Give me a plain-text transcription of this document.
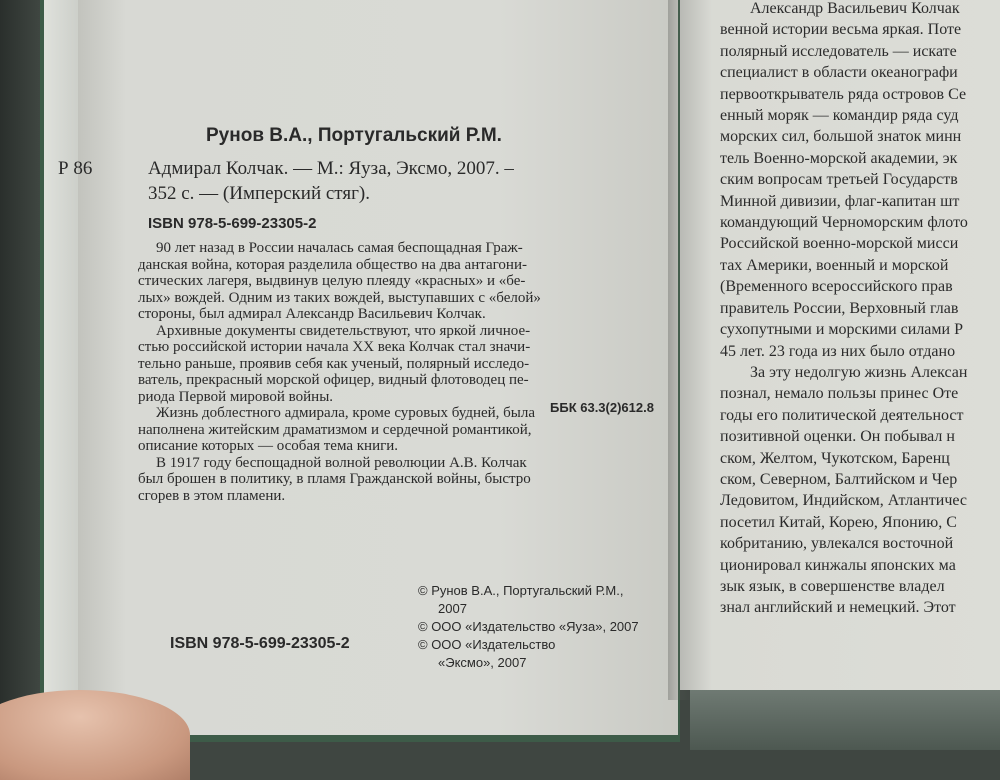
Рунов В.А., Португальский Р.М.
Р 86	Адмирал Колчак. — М.: Яуза, Эксмо, 2007. –
352 с. — (Имперский стяг).
ISBN 978-5-699-23305-2

90 лет назад в России началась самая беспощадная Граж-

данская война, которая разделила общество на два антагони-

стических лагеря, выдвинув целую плеяду «красных» и «бе-

лых» вождей. Одним из таких вождей, выступавших с «белой»

стороны, был адмирал Александр Васильевич Колчак.

Архивные документы свидетельствуют, что яркой личное-

стью российской истории начала XX века Колчак стал значи-

тельно раньше, проявив себя как ученый, полярный исследо-

ватель, прекрасный морской офицер, видный флотоводец пе-

риода Первой мировой войны.

Жизнь доблестного адмирала, кроме суровых будней, была

наполнена житейским драматизмом и сердечной романтикой,

описание которых — особая тема книги.

В 1917 году беспощадной волной революции А.В. Колчак

был брошен в политику, в пламя Гражданской войны, быстро

сгорев в этом пламени.

ББК 63.3(2)612.8
© Рунов В.А., Португальский Р.М.,
2007
© ООО «Издательство «Яуза», 2007
© ООО «Издательство
«Эксмо», 2007
ISBN 978-5-699-23305-2

Александр Васильевич Колчак

венной истории весьма яркая. Поте

полярный исследователь — искате

специалист в области океанографи

первооткрыватель ряда островов Се

енный моряк — командир ряда суд

морских сил, большой знаток минн

тель Военно-морской академии, эк

ским вопросам третьей Государств

Минной дивизии, флаг-капитан шт

командующий Черноморским флото

Российской военно-морской мисси

тах Америки, военный и морской

(Временного всероссийского прав

правитель России, Верховный глав

сухопутными и морскими силами Р

45 лет. 23 года из них было отдано

За эту недолгую жизнь Алексан

познал, немало пользы принес Оте

годы его политической деятельност

позитивной оценки. Он побывал н

ском, Желтом, Чукотском, Баренц

ском, Северном, Балтийском и Чер

Ледовитом, Индийском, Атлантичес

посетил Китай, Корею, Японию, С

кобританию, увлекался восточной

ционировал кинжалы японских ма

зык язык, в совершенстве владел

знал английский и немецкий. Этот
